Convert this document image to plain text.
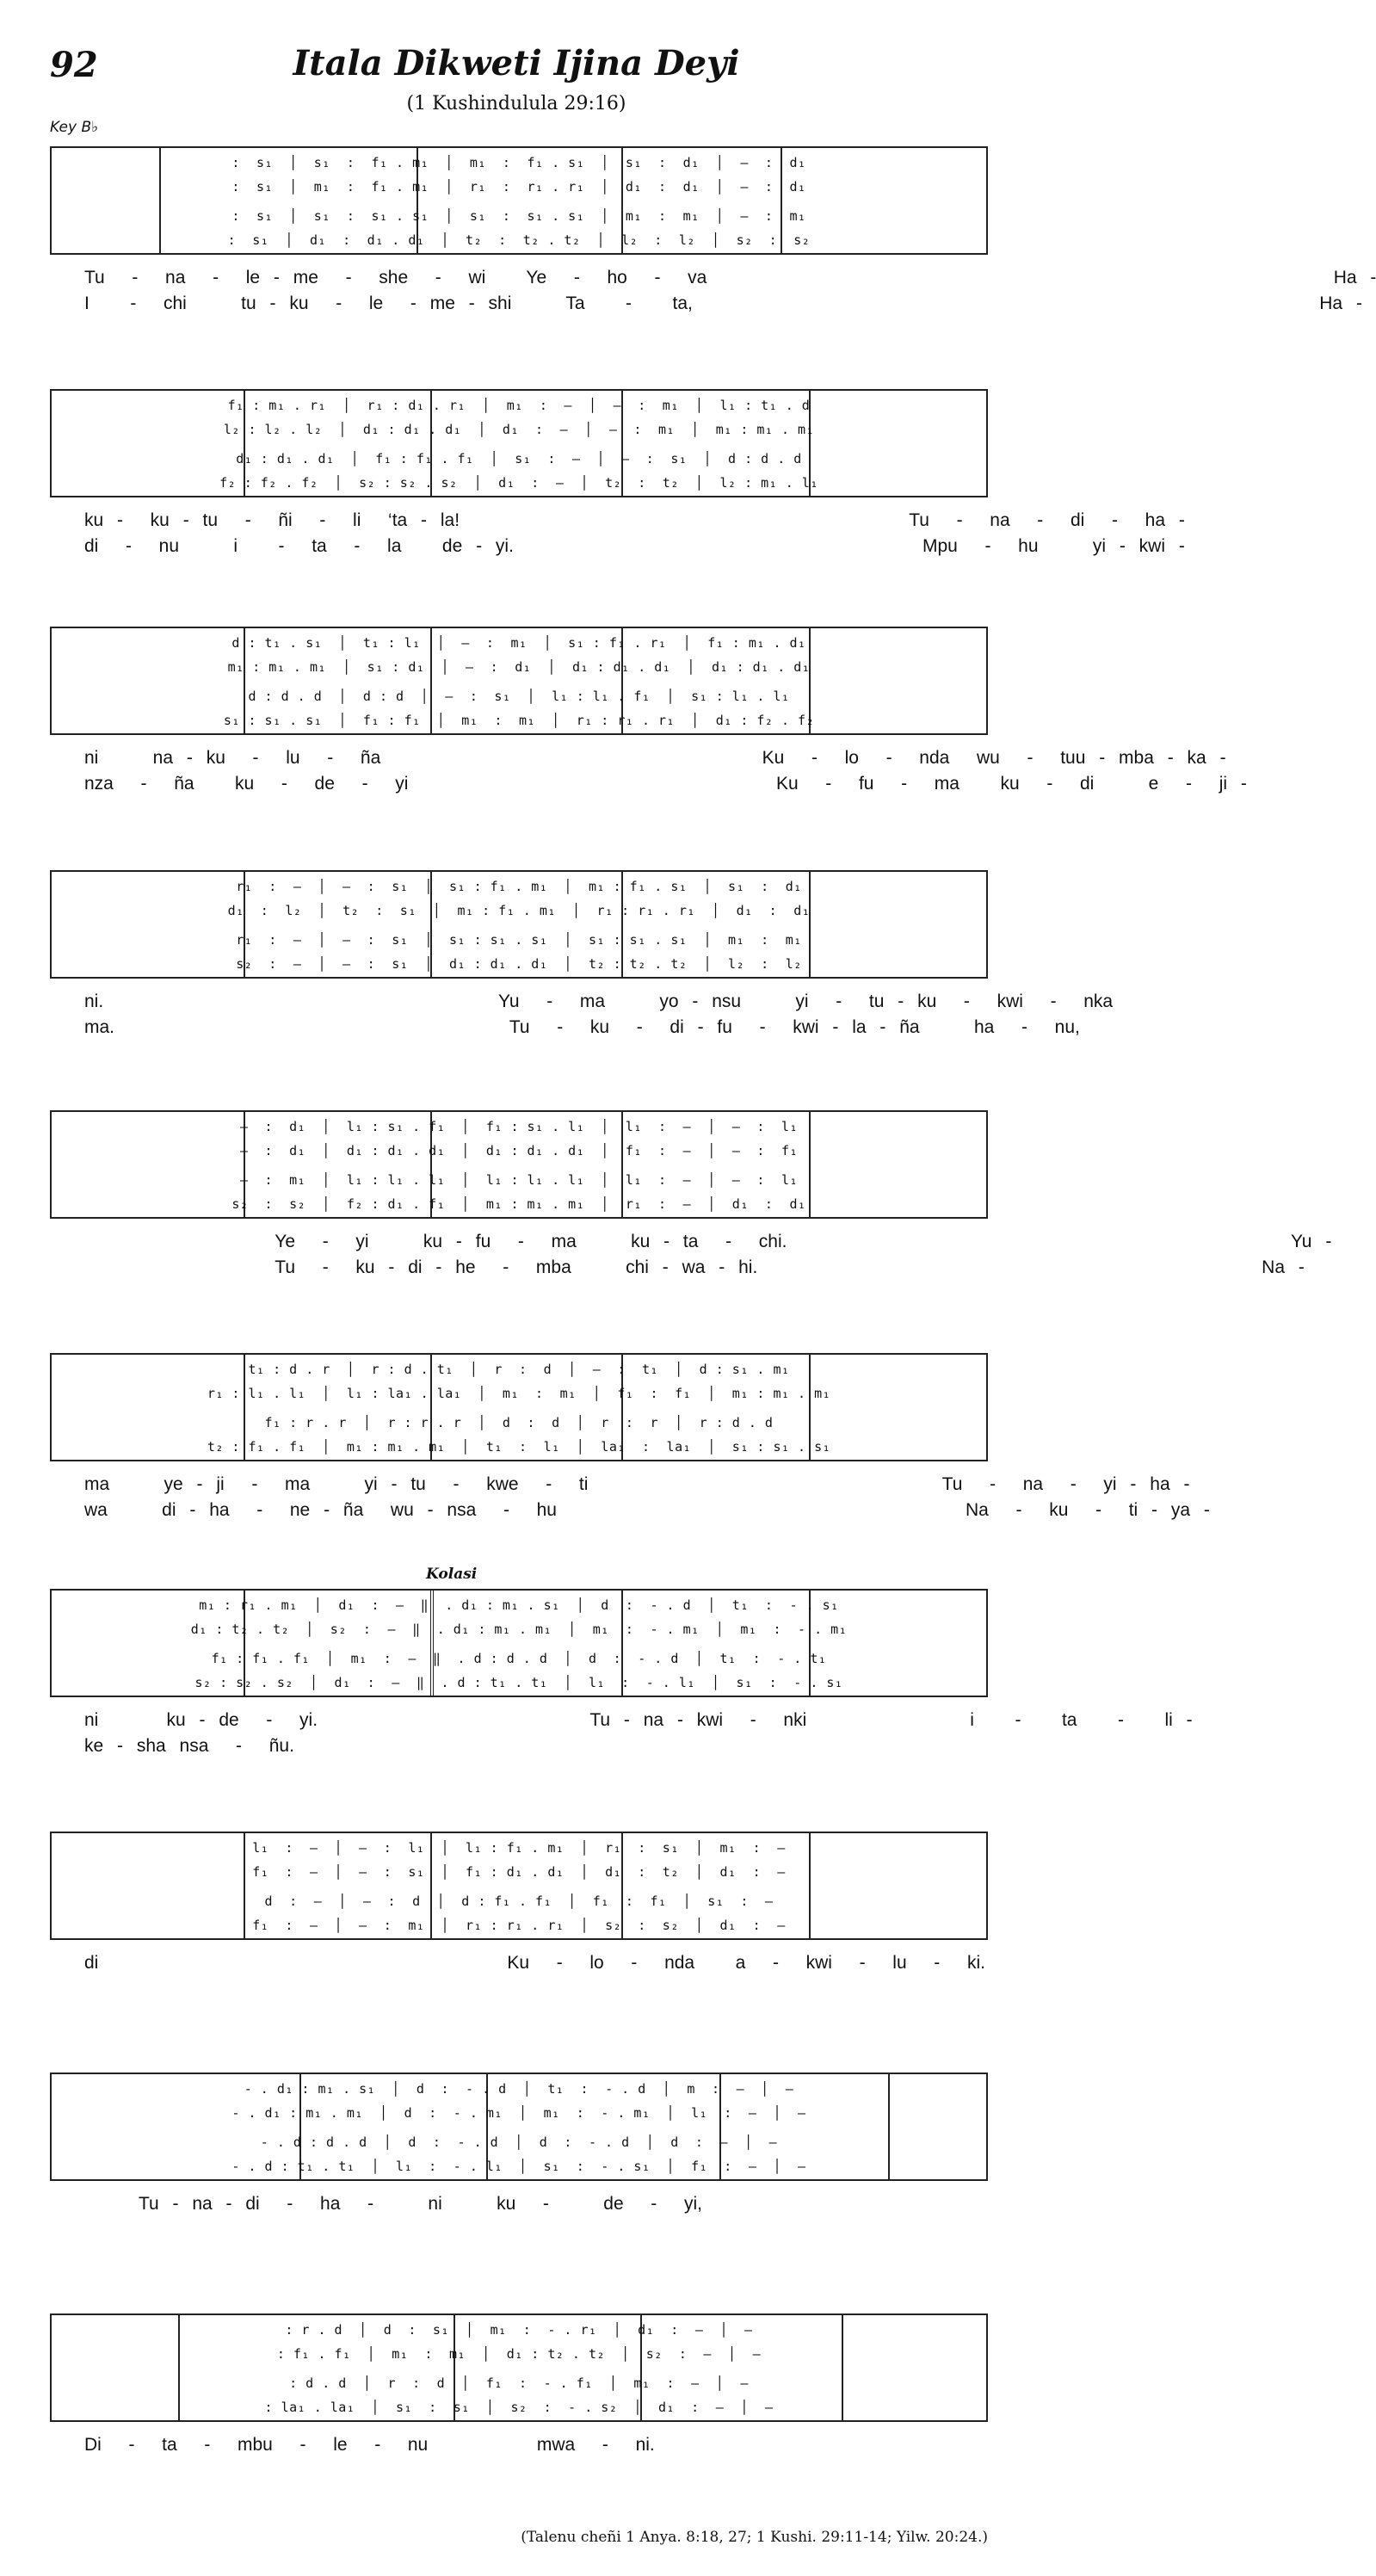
92	Itala Dikweti Ijina Deyi
(1 Kushindulula 29:16)
Key B♭
Kolasi
(Talenu cheñi 1 Anya. 8:18, 27; 1 Kushi. 29:11-14; Yilw. 20:24.)
:  s₁  │  s₁  :  f₁ . m₁  │  m₁  :  f₁ . s₁  │  s₁  :  d₁  │  —  :  d₁
:  s₁  │  m₁  :  f₁ . m₁  │  r₁  :  r₁ . r₁  │  d₁  :  d₁  │  —  :  d₁
:  s₁  │  s₁  :  s₁ . s₁  │  s₁  :  s₁ . s₁  │  m₁  :  m₁  │  —  :  m₁
:  s₁  │  d₁  :  d₁ . d₁  │  t₂  :  t₂ . t₂  │  l₂  :  l₂  │  s₂  :  s₂
Tu  -  na  -  le - me  -  she  -  wi   Ye  -  ho  -  va                                              Ha -
I   -  chi    tu - ku  -  le  - me - shi    Ta   -   ta,                                              Ha -
f₁ : m₁ . r₁  │  r₁ : d₁ . r₁  │  m₁  :  —  │  —  :  m₁  │  l₁ : t₁ . d
l₂ : l₂ . l₂  │  d₁ : d₁ . d₁  │  d₁  :  —  │  —  :  m₁  │  m₁ : m₁ . m₁
d₁ : d₁ . d₁  │  f₁ : f₁ . f₁  │  s₁  :  —  │  —  :  s₁  │  d : d . d
f₂ : f₂ . f₂  │  s₂ : s₂ . s₂  │  d₁  :  —  │  t₂  :  t₂  │  l₂ : m₁ . l₁
ku -  ku - tu  -  ñi  -  li  ‘ta - la!                                 Tu  -  na  -  di  -  ha -
di  -  nu    i   -  ta  -  la   de - yi.                              Mpu  -  hu    yi - kwi -
d : t₁ . s₁  │  t₁ : l₁  │  —  :  m₁  │  s₁ : f₁ . r₁  │  f₁ : m₁ . d₁
m₁ : m₁ . m₁  │  s₁ : d₁  │  —  :  d₁  │  d₁ : d₁ . d₁  │  d₁ : d₁ . d₁
d : d . d  │  d : d  │  —  :  s₁  │  l₁ : l₁ . f₁  │  s₁ : l₁ . l₁
s₁ : s₁ . s₁  │  f₁ : f₁  │  m₁  :  m₁  │  r₁ : r₁ . r₁  │  d₁ : f₂ . f₂
ni    na - ku  -  lu  -  ña                            Ku  -  lo  -  nda  wu  -  tuu - mba - ka -
nza  -  ña   ku  -  de  -  yi                           Ku  -  fu  -  ma   ku  -  di    e  -  ji -
r₁  :  —  │  —  :  s₁  │  s₁ : f₁ . m₁  │  m₁ : f₁ . s₁  │  s₁  :  d₁
d₁  :  l₂  │  t₂  :  s₁  │  m₁ : f₁ . m₁  │  r₁ : r₁ . r₁  │  d₁  :  d₁
r₁  :  —  │  —  :  s₁  │  s₁ : s₁ . s₁  │  s₁ : s₁ . s₁  │  m₁  :  m₁
s₂  :  —  │  —  :  s₁  │  d₁ : d₁ . d₁  │  t₂ : t₂ . t₂  │  l₂  :  l₂
ni.                             Yu  -  ma    yo - nsu    yi  -  tu - ku  -  kwi  -  nka
ma.                             Tu  -  ku  -  di - fu  -  kwi - la - ña    ha  -  nu,
—  :  d₁  │  l₁ : s₁ . f₁  │  f₁ : s₁ . l₁  │  l₁  :  —  │  —  :  l₁
—  :  d₁  │  d₁ : d₁ . d₁  │  d₁ : d₁ . d₁  │  f₁  :  —  │  —  :  f₁
—  :  m₁  │  l₁ : l₁ . l₁  │  l₁ : l₁ . l₁  │  l₁  :  —  │  —  :  l₁
s₂  :  s₂  │  f₂ : d₁ . f₁  │  m₁ : m₁ . m₁  │  r₁  :  —  │  d₁  :  d₁
Ye  -  yi    ku - fu  -  ma    ku - ta  -  chi.                                     Yu -
Tu  -  ku - di - he  -  mba    chi - wa - hi.                                     Na -
t₁ : d . r  │  r : d . t₁  │  r  :  d  │  —  :  t₁  │  d : s₁ . m₁
r₁ : l₁ . l₁  │  l₁ : la₁ . la₁  │  m₁  :  m₁  │  f₁  :  f₁  │  m₁ : m₁ . m₁
f₁ : r . r  │  r : r . r  │  d  :  d  │  r  :  r  │  r : d . d
t₂ : f₁ . f₁  │  m₁ : m₁ . m₁  │  t₁  :  l₁  │  la₁  :  la₁  │  s₁ : s₁ . s₁
ma    ye - ji  -  ma    yi - tu  -  kwe  -  ti                          Tu  -  na  -  yi - ha -
wa    di - ha  -  ne - ña  wu - nsa  -  hu                              Na  -  ku  -  ti - ya -
m₁ : r₁ . m₁  │  d₁  :  —  ‖  . d₁ : m₁ . s₁  │  d  :  - . d  │  t₁  :  - . s₁
d₁ : t₂ . t₂  │  s₂  :  —  ‖  . d₁ : m₁ . m₁  │  m₁  :  - . m₁  │  m₁  :  - . m₁
f₁ : f₁ . f₁  │  m₁  :  —  ‖  . d : d . d  │  d  :  - . d  │  t₁  :  - . t₁
s₂ : s₂ . s₂  │  d₁  :  —  ‖  . d : t₁ . t₁  │  l₁  :  - . l₁  │  s₁  :  - . s₁
ni     ku - de  -  yi.                    Tu - na - kwi  -  nki            i   -   ta   -   li -
ke - sha nsa  -  ñu.
l₁  :  —  │  —  :  l₁  │  l₁ : f₁ . m₁  │  r₁  :  s₁  │  m₁  :  —
f₁  :  —  │  —  :  s₁  │  f₁ : d₁ . d₁  │  d₁  :  t₂  │  d₁  :  —
d  :  —  │  —  :  d  │  d : f₁ . f₁  │  f₁  :  f₁  │  s₁  :  —
f₁  :  —  │  —  :  m₁  │  r₁ : r₁ . r₁  │  s₂  :  s₂  │  d₁  :  —
di                              Ku  -  lo  -  nda   a  -  kwi  -  lu  -  ki.
- . d₁ : m₁ . s₁  │  d  :  - . d  │  t₁  :  - . d  │  m  :  —  │  —
- . d₁ : m₁ . m₁  │  d  :  - . m₁  │  m₁  :  - . m₁  │  l₁  :  —  │  —
- . d : d . d  │  d  :  - . d  │  d  :  - . d  │  d  :  —  │  —
- . d : t₁ . t₁  │  l₁  :  - . l₁  │  s₁  :  - . s₁  │  f₁  :  —  │  —
Tu - na - di  -  ha  -    ni    ku  -    de  -  yi,
: r . d  │  d  :  s₁  │  m₁  :  - . r₁  │  d₁  :  —  │  —
: f₁ . f₁  │  m₁  :  m₁  │  d₁ : t₂ . t₂  │  s₂  :  —  │  —
: d . d  │  r  :  d  │  f₁  :  - . f₁  │  m₁  :  —  │  —
: la₁ . la₁  │  s₁  :  s₁  │  s₂  :  - . s₂  │  d₁  :  —  │  —
Di  -  ta  -  mbu  -  le  -  nu        mwa  -  ni.
